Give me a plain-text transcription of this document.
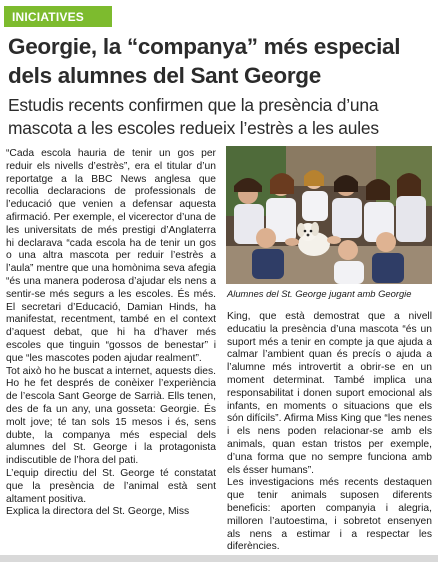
INICIATIVES
Georgie, la “companya” més especial dels alumnes del Sant George
Estudis recents confirmen que la presència d’una mascota a les escoles redueix l’estrès a les aules

“Cada escola hauria de tenir un gos per reduir els nivells d’estrès”, era el titular d’un reportatge a la BBC News anglesa que recollia declaracions de professionals de l’educació que venien a defensar aquesta afirmació. Per exemple, el vicerector d’una de les universitats de més prestigi d’Anglaterra hi declarava “cada escola ha de tenir un gos o una altra mascota per reduir l’estrès a l’aula” mentre que una homònima seva afegia “és una manera poderosa d’ajudar els nens a sentir-se més segurs a les escoles. És més. El secretari d’Educació, Damian Hinds, ha manifestat, recentment, també en el context d’aquest debat, que hi ha d’haver més escoles que tinguin “gossos de benestar” i que “les mascotes poden ajudar realment”.

Tot això ho he buscat a internet, aquests dies. Ho he fet després de conèixer l’experiència de l’escola Sant George de Sarrià. Ells tenen, des de fa un any, una gosseta: Georgie. És molt jove; té tan sols 15 mesos i és, sens dubte, la companya més especial dels alumnes del St. George i la protagonista indiscutible de l’hora del pati.

L’equip directiu del St. George té constatat que la presència de l’animal està sent altament positiva.

Explica la directora del St. George, Miss

Alumnes del St. George jugant amb Georgie

King, que està demostrat que a nivell educatiu la presència d’una mascota “és un suport més a tenir en compte ja que ajuda a calmar l’ambient quan és precís o ajuda a l’alumne més introvertit a obrir-se en un moment determinat. També implica una responsabilitat i donen suport emocional als infants, en moments o situacions que els són difícils”. Afirma Miss King que “les nenes i els nens poden relacionar-se amb els animals, quan estan tristos per exemple, d’una forma que no sempre funciona amb els ésser humans”.

Les investigacions més recents destaquen que tenir animals suposen diferents beneficis: aporten companyia i alegria, milloren l’autoestima, i sobretot ensenyen als nens a estimar i a respectar les diferències.
